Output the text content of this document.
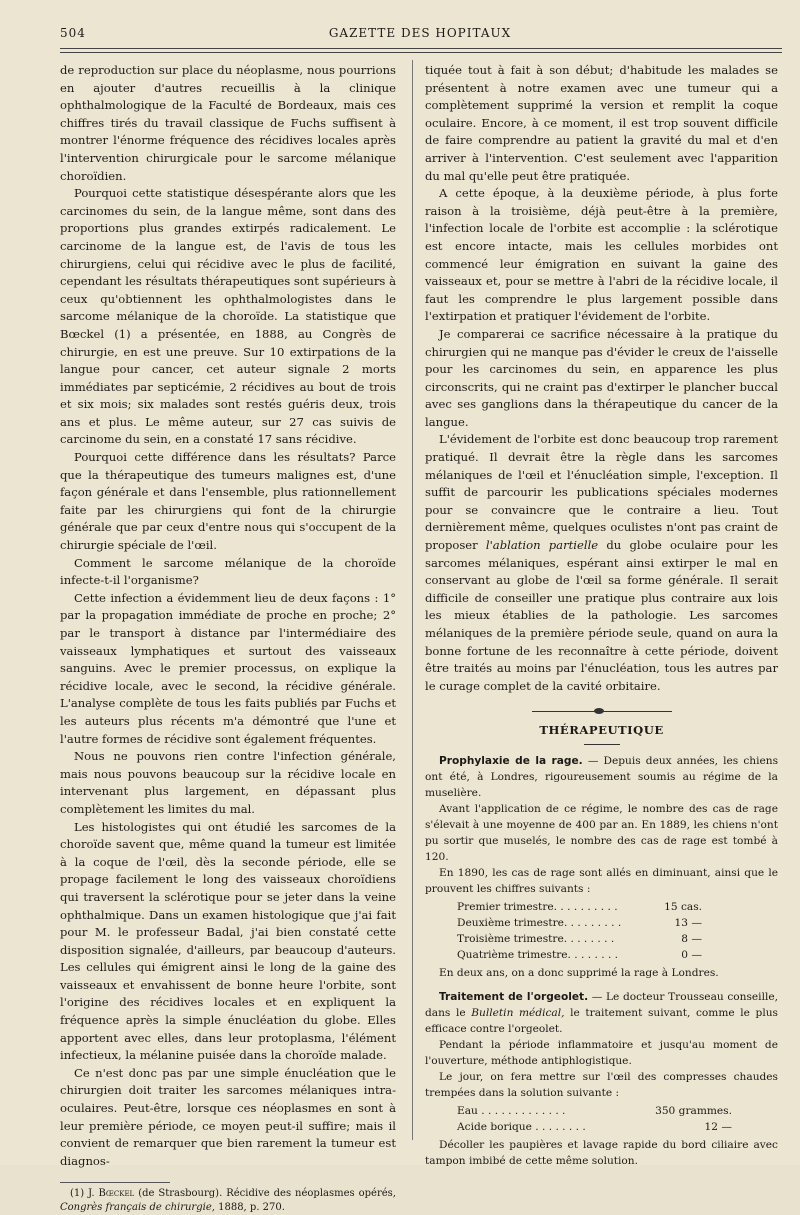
504	GAZETTE DES HOPITAUX

de reproduction sur place du néoplasme, nous pourrions en ajouter d'autres recueillis à la clinique ophthalmologique de la Faculté de Bordeaux, mais ces chiffres tirés du travail classique de Fuchs suffisent à montrer l'énorme fréquence des récidives locales après l'intervention chirurgicale pour le sarcome mélanique choroïdien.

Pourquoi cette statistique désespérante alors que les carcinomes du sein, de la langue même, sont dans des proportions plus grandes extirpés radicalement. Le carcinome de la langue est, de l'avis de tous les chirurgiens, celui qui récidive avec le plus de facilité, cependant les résultats thérapeutiques sont supérieurs à ceux qu'obtiennent les ophthalmologistes dans le sarcome mélanique de la choroïde. La statistique que Bœckel (1) a présentée, en 1888, au Congrès de chirurgie, en est une preuve. Sur 10 extirpations de la langue pour cancer, cet auteur signale 2 morts immédiates par septicémie, 2 récidives au bout de trois et six mois; six malades sont restés guéris deux, trois ans et plus. Le même auteur, sur 27 cas suivis de carcinome du sein, en a constaté 17 sans récidive.

Pourquoi cette différence dans les résultats? Parce que la thérapeutique des tumeurs malignes est, d'une façon générale et dans l'ensemble, plus rationnellement faite par les chirurgiens qui font de la chirurgie générale que par ceux d'entre nous qui s'occupent de la chirurgie spéciale de l'œil.

Comment le sarcome mélanique de la choroïde infecte-t-il l'organisme?

Cette infection a évidemment lieu de deux façons : 1° par la propagation immédiate de proche en proche; 2° par le transport à distance par l'intermédiaire des vaisseaux lymphatiques et surtout des vaisseaux sanguins. Avec le premier processus, on explique la récidive locale, avec le second, la récidive générale. L'analyse complète de tous les faits publiés par Fuchs et les auteurs plus récents m'a démontré que l'une et l'autre formes de récidive sont également fréquentes.

Nous ne pouvons rien contre l'infection générale, mais nous pouvons beaucoup sur la récidive locale en intervenant plus largement, en dépassant plus complètement les limites du mal.

Les histologistes qui ont étudié les sarcomes de la choroïde savent que, même quand la tumeur est limitée à la coque de l'œil, dès la seconde période, elle se propage facilement le long des vaisseaux choroïdiens qui traversent la sclérotique pour se jeter dans la veine ophthalmique. Dans un examen histologique que j'ai fait pour M. le professeur Badal, j'ai bien constaté cette disposition signalée, d'ailleurs, par beaucoup d'auteurs. Les cellules qui émigrent ainsi le long de la gaine des vaisseaux et envahissent de bonne heure l'orbite, sont l'origine des récidives locales et en expliquent la fréquence après la simple énucléation du globe. Elles apportent avec elles, dans leur protoplasma, l'élément infectieux, la mélanine puisée dans la choroïde malade.

Ce n'est donc pas par une simple énucléation que le chirurgien doit traiter les sarcomes mélaniques intra-oculaires. Peut-être, lorsque ces néoplasmes en sont à leur première période, ce moyen peut-il suffire; mais il convient de remarquer que bien rarement la tumeur est diagnos-

(1) J. Bœckel (de Strasbourg). Récidive des néoplasmes opérés, Congrès français de chirurgie, 1888, p. 270.

tiquée tout à fait à son début; d'habitude les malades se présentent à notre examen avec une tumeur qui a complètement supprimé la version et remplit la coque oculaire. Encore, à ce moment, il est trop souvent difficile de faire comprendre au patient la gravité du mal et d'en arriver à l'intervention. C'est seulement avec l'apparition du mal qu'elle peut être pratiquée.

A cette époque, à la deuxième période, à plus forte raison à la troisième, déjà peut-être à la première, l'infection locale de l'orbite est accomplie : la sclérotique est encore intacte, mais les cellules morbides ont commencé leur émigration en suivant la gaine des vaisseaux et, pour se mettre à l'abri de la récidive locale, il faut les comprendre le plus largement possible dans l'extirpation et pratiquer l'évidement de l'orbite.

Je comparerai ce sacrifice nécessaire à la pratique du chirurgien qui ne manque pas d'évider le creux de l'aisselle pour les carcinomes du sein, en apparence les plus circonscrits, qui ne craint pas d'extirper le plancher buccal avec ses ganglions dans la thérapeutique du cancer de la langue.

L'évidement de l'orbite est donc beaucoup trop rarement pratiqué. Il devrait être la règle dans les sarcomes mélaniques de l'œil et l'énucléation simple, l'exception. Il suffit de parcourir les publications spéciales modernes pour se convaincre que le contraire a lieu. Tout dernièrement même, quelques oculistes n'ont pas craint de proposer l'ablation partielle du globe oculaire pour les sarcomes mélaniques, espérant ainsi extirper le mal en conservant au globe de l'œil sa forme générale. Il serait difficile de conseiller une pratique plus contraire aux lois les mieux établies de la pathologie. Les sarcomes mélaniques de la première période seule, quand on aura la bonne fortune de les reconnaître à cette période, doivent être traités au moins par l'énucléation, tous les autres par le curage complet de la cavité orbitaire.

THÉRAPEUTIQUE

Prophylaxie de la rage. — Depuis deux années, les chiens ont été, à Londres, rigoureusement soumis au régime de la muselière.

Avant l'application de ce régime, le nombre des cas de rage s'élevait à une moyenne de 400 par an. En 1889, les chiens n'ont pu sortir que muselés, le nombre des cas de rage est tombé à 120.

En 1890, les cas de rage sont allés en diminuant, ainsi que le prouvent les chiffres suivants :

Premier trimestre. . . . . . . . . .	15 cas.
Deuxième trimestre. . . . . . . . .	13 —
Troisième trimestre. . . . . . . .	8 —
Quatrième trimestre. . . . . . . .	0 —

En deux ans, on a donc supprimé la rage à Londres.

Traitement de l'orgeolet. — Le docteur Trousseau conseille, dans le Bulletin médical, le traitement suivant, comme le plus efficace contre l'orgeolet.

Pendant la période inflammatoire et jusqu'au moment de l'ouverture, méthode antiphlogistique.

Le jour, on fera mettre sur l'œil des compresses chaudes trempées dans la solution suivante :

Eau . . . . . . . . . . . . .	350 grammes.
Acide borique . . . . . . . .	12 —

Décoller les paupières et lavage rapide du bord ciliaire avec tampon imbibé de cette même solution.
